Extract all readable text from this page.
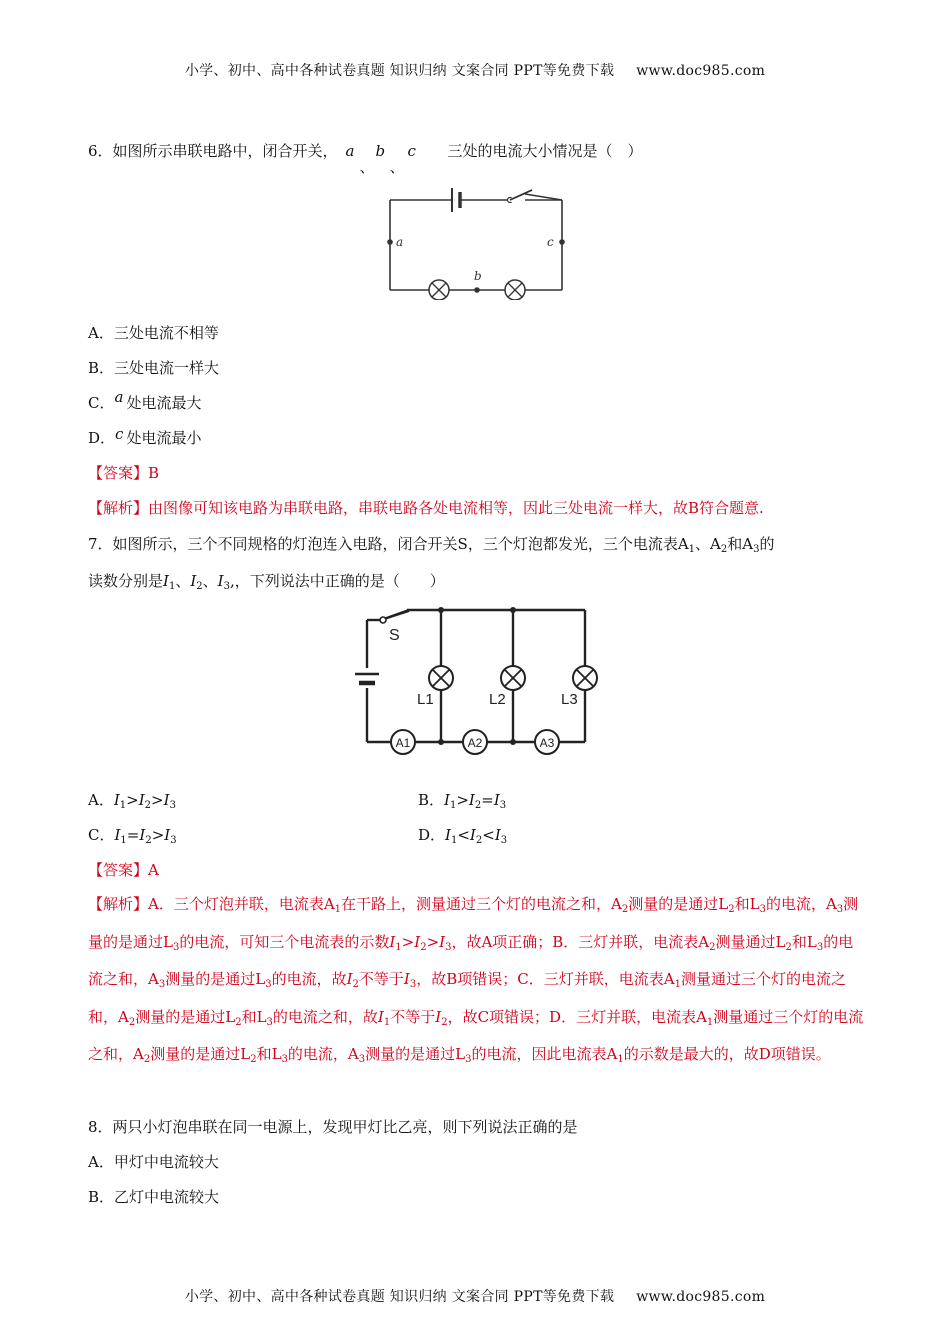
小学、初中、高中各种试卷真题 知识归纳 文案合同 PPT等免费下载 www.doc985.com
6．如图所示串联电路中，闭合开关， a
、
b
、
c 三处的电流大小情况是（　）
a	c
b
A．三处电流不相等
B．三处电流一样大
C．a 处电流最大
D．c 处电流最小
【答案】B
【解析】由图像可知该电路为串联电路，串联电路各处电流相等，因此三处电流一样大，故B符合题意.
7．如图所示，三个不同规格的灯泡连入电路，闭合开关S，三个灯泡都发光，三个电流表$A_1$、$A_2$和$A_3$的
读数分别是$I_1$、$I_2$、$I_3$,，下列说法中正确的是（　　）
S
L1	L2	L3
A1	A2	A3
A．$I_1>I_2>I_3$	B．$I_1>I_2=I_3$
C．$I_1=I_2>I_3$	D．$I_1<I_2<I_3$
【答案】A

【解析】A．三个灯泡并联，电流表$A_1$在干路上，测量通过三个灯的电流之和，$A_2$测量的是通过$L_2$和$L_3$的电流，$A_3$测量的是通过$L_3$的电流，可知三个电流表的示数$I_1>I_2>I_3$，故A项正确；B．三灯并联，电流表$A_2$测量通过$L_2$和$L_3$的电流之和，$A_3$测量的是通过$L_3$的电流，故$I_2$不等于$I_3$，故B项错误；C．三灯并联，电流表$A_1$测量通过三个灯的电流之和，$A_2$测量的是通过$L_2$和$L_3$的电流之和，故$I_1$不等于$I_2$，故C项错误；D．三灯并联，电流表$A_1$测量通过三个灯的电流之和，$A_2$测量的是通过$L_2$和$L_3$的电流，$A_3$测量的是通过$L_3$的电流，因此电流表$A_1$的示数是最大的，故D项错误。

8．两只小灯泡串联在同一电源上，发现甲灯比乙亮，则下列说法正确的是
A．甲灯中电流较大
B．乙灯中电流较大
小学、初中、高中各种试卷真题 知识归纳 文案合同 PPT等免费下载 www.doc985.com
